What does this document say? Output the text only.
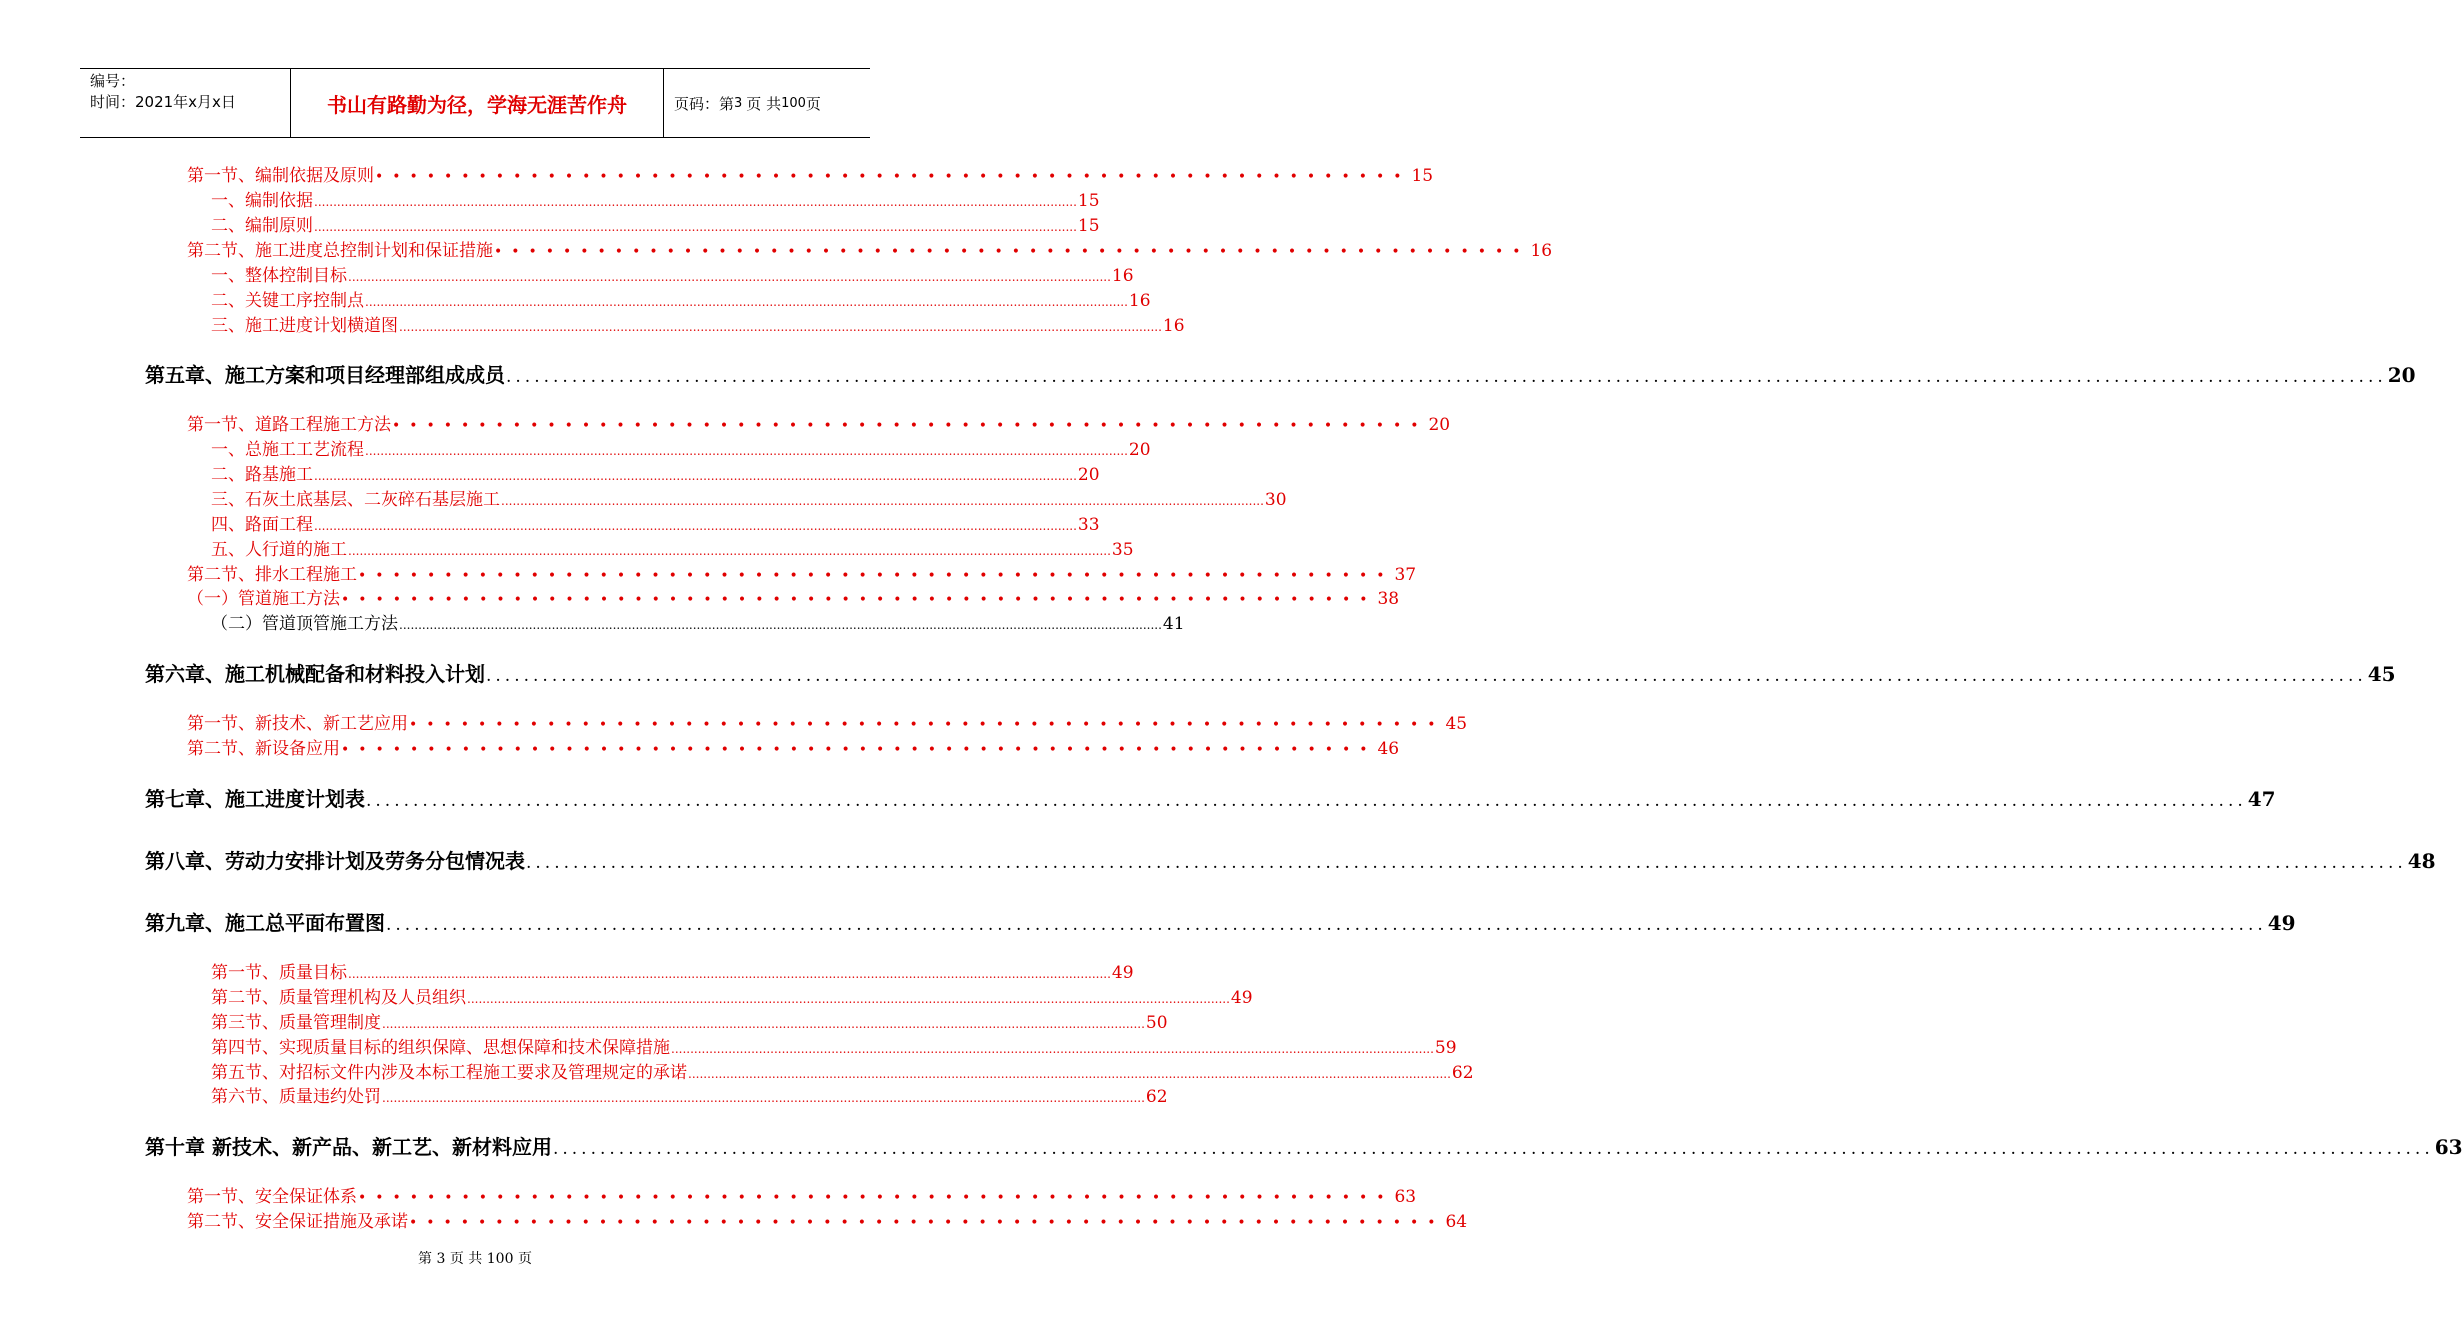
编号：
时间：2021年x月x日	书山有路勤为径，学海无涯苦作舟	页码：第 3 页 共 100 页
第一节、编制依据及原则 •••••••••••••••••••••••••••••••••••••••••••••••••••••••••••• 15
一、编制依据 ........................................................................................................................................................................................................ 15
二、编制原则 ........................................................................................................................................................................................................ 15
第二节、施工进度总控制计划和保证措施 •••••••••••••••••••••••••••••••••••••••••••••••••••••••••••• 16
一、整体控制目标 ........................................................................................................................................................................................................ 16
二、关键工序控制点 ........................................................................................................................................................................................................ 16
三、施工进度计划横道图 ........................................................................................................................................................................................................ 16
第五章、施工方案和项目经理部组成成员 ........................................................................................................................................................................................................ 20
第一节、道路工程施工方法 •••••••••••••••••••••••••••••••••••••••••••••••••••••••••••• 20
一、总施工工艺流程 ........................................................................................................................................................................................................ 20
二、路基施工 ........................................................................................................................................................................................................ 20
三、石灰土底基层、二灰碎石基层施工 ........................................................................................................................................................................................................ 30
四、路面工程 ........................................................................................................................................................................................................ 33
五、人行道的施工 ........................................................................................................................................................................................................ 35
第二节、排水工程施工 •••••••••••••••••••••••••••••••••••••••••••••••••••••••••••• 37
（一）管道施工方法 •••••••••••••••••••••••••••••••••••••••••••••••••••••••••••• 38
（二）管道顶管施工方法 ........................................................................................................................................................................................................ 41
第六章、施工机械配备和材料投入计划 ........................................................................................................................................................................................................ 45
第一节、新技术、新工艺应用 •••••••••••••••••••••••••••••••••••••••••••••••••••••••••••• 45
第二节、新设备应用 •••••••••••••••••••••••••••••••••••••••••••••••••••••••••••• 46
第七章、施工进度计划表 ........................................................................................................................................................................................................ 47
第八章、劳动力安排计划及劳务分包情况表 ........................................................................................................................................................................................................ 48
第九章、施工总平面布置图 ........................................................................................................................................................................................................ 49
第一节、质量目标 ........................................................................................................................................................................................................ 49
第二节、质量管理机构及人员组织 ........................................................................................................................................................................................................ 49
第三节、质量管理制度 ........................................................................................................................................................................................................ 50
第四节、实现质量目标的组织保障、思想保障和技术保障措施 ........................................................................................................................................................................................................ 59
第五节、对招标文件内涉及本标工程施工要求及管理规定的承诺 ........................................................................................................................................................................................................ 62
第六节、质量违约处罚 ........................................................................................................................................................................................................ 62
第十章 新技术、新产品、新工艺、新材料应用 ........................................................................................................................................................................................................ 63
第一节、安全保证体系 •••••••••••••••••••••••••••••••••••••••••••••••••••••••••••• 63
第二节、安全保证措施及承诺 •••••••••••••••••••••••••••••••••••••••••••••••••••••••••••• 64
第 3 页 共 100 页
